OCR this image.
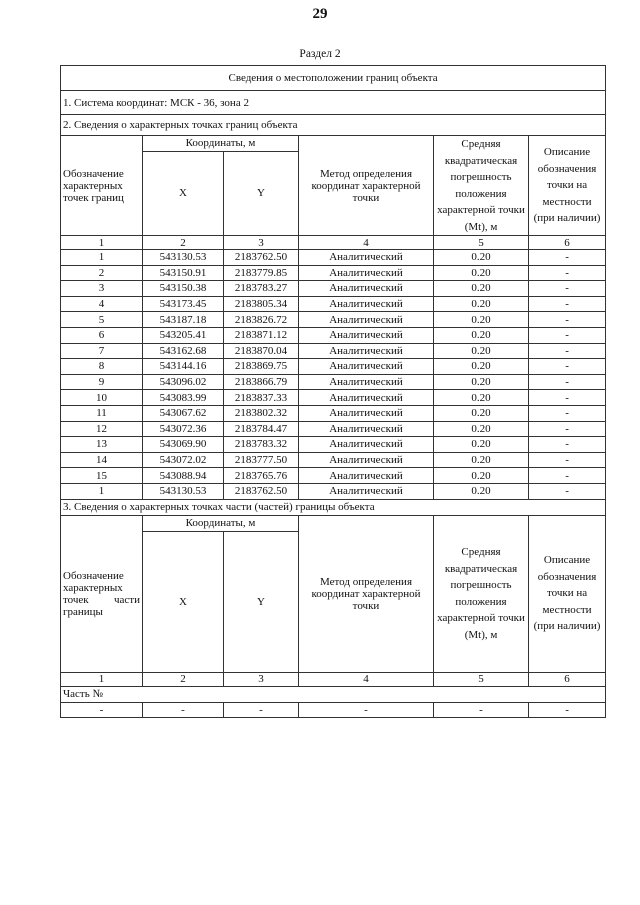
29
Раздел 2
Сведения о местоположении границ объекта					
1. Система координат: МСК - 36, зона 2					
2. Сведения о характерных точках границ объекта					
Обозначение характерных точек границ	Координаты, м		Метод определения координат характерной точки	Средняя квадратическая погрешность положения характерной точки (Mt), м	Описание обозначения точки на местности (при наличии)
	X	Y			
1	2	3	4	5	6
1	543130.53	2183762.50	Аналитический	0.20	-
2	543150.91	2183779.85	Аналитический	0.20	-
3	543150.38	2183783.27	Аналитический	0.20	-
4	543173.45	2183805.34	Аналитический	0.20	-
5	543187.18	2183826.72	Аналитический	0.20	-
6	543205.41	2183871.12	Аналитический	0.20	-
7	543162.68	2183870.04	Аналитический	0.20	-
8	543144.16	2183869.75	Аналитический	0.20	-
9	543096.02	2183866.79	Аналитический	0.20	-
10	543083.99	2183837.33	Аналитический	0.20	-
11	543067.62	2183802.32	Аналитический	0.20	-
12	543072.36	2183784.47	Аналитический	0.20	-
13	543069.90	2183783.32	Аналитический	0.20	-
14	543072.02	2183777.50	Аналитический	0.20	-
15	543088.94	2183765.76	Аналитический	0.20	-
1	543130.53	2183762.50	Аналитический	0.20	-
3. Сведения о характерных точках части (частей) границы объекта					

Обозначение характерных точек части границы	Координаты, м		Метод определения координат характерной точки	Средняя квадратическая погрешность положения характерной точки (Mt), м	Описание обозначения точки на местности (при наличии)
	X	Y			
1	2	3	4	5	6
Часть №					
-	-	-	-	-	-
